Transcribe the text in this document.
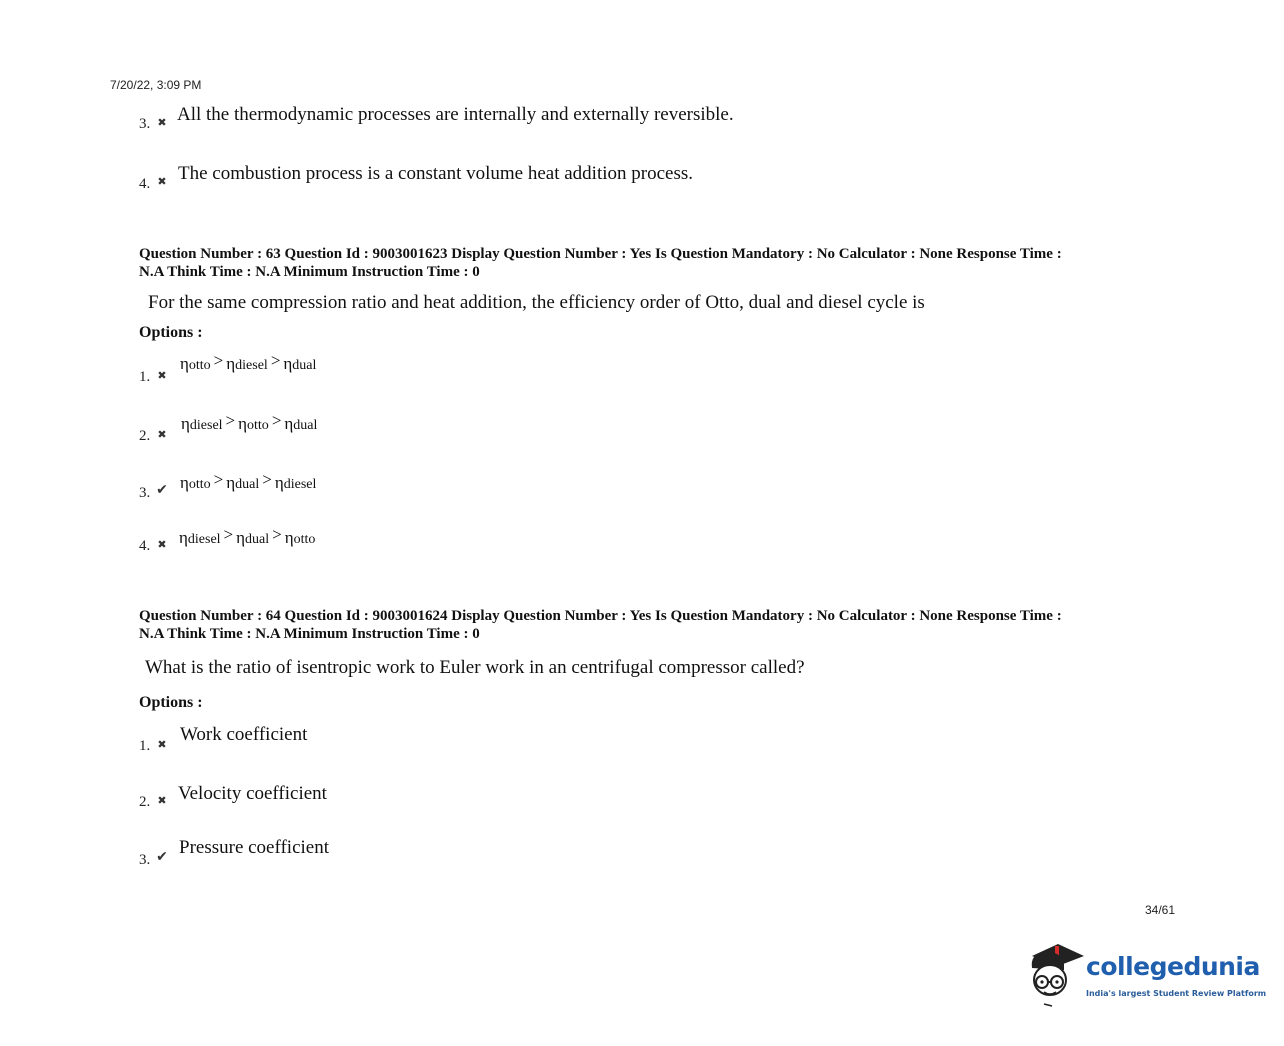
7/20/22, 3:09 PM
3. ✖ All the thermodynamic processes are internally and externally reversible.
4. ✖ The combustion process is a constant volume heat addition process.
Question Number : 63 Question Id : 9003001623 Display Question Number : Yes Is Question Mandatory : No Calculator : None Response Time :
N.A Think Time : N.A Minimum Instruction Time : 0
For the same compression ratio and heat addition, the efficiency order of Otto, dual and diesel cycle is
Options :
1. ✖
ηotto > ηdiesel > ηdual
2. ✖
ηdiesel > ηotto > ηdual
3. ✔ ηotto > ηdual > ηdiesel
4. ✖ ηdiesel > ηdual > ηotto
Question Number : 64 Question Id : 9003001624 Display Question Number : Yes Is Question Mandatory : No Calculator : None Response Time :
N.A Think Time : N.A Minimum Instruction Time : 0
What is the ratio of isentropic work to Euler work in an centrifugal compressor called?
Options :
1. ✖ Work coefficient
2. ✖ Velocity coefficient
3. ✔ Pressure coefficient
34/61
collegedunia
India's largest Student Review Platform
